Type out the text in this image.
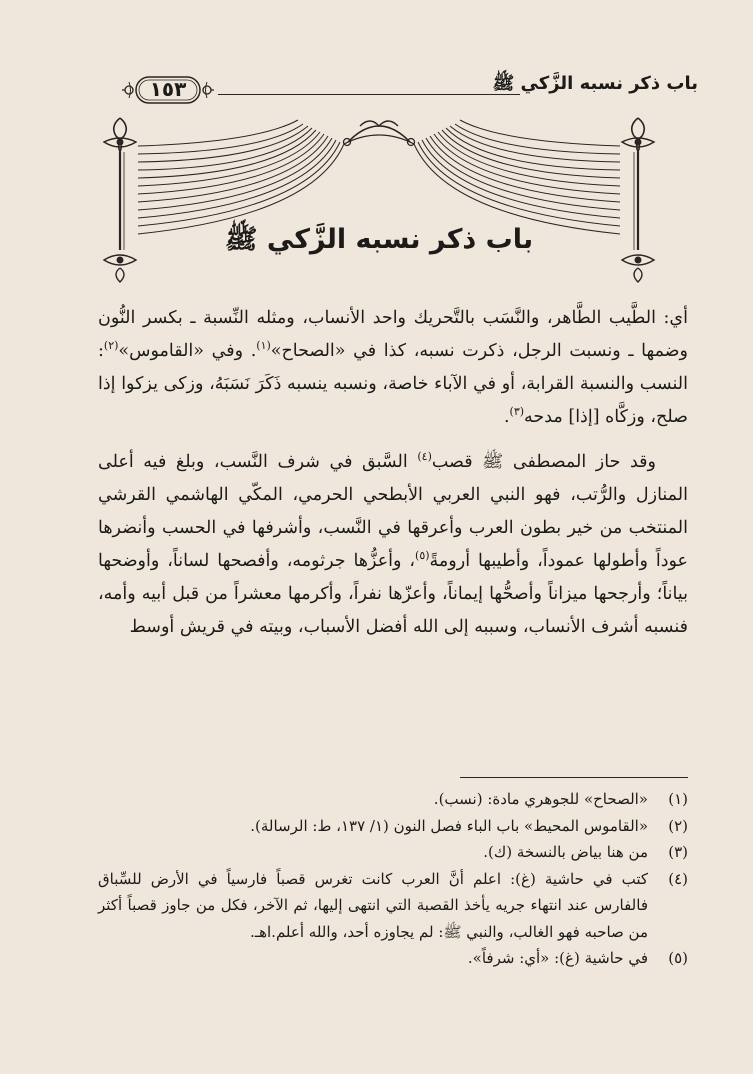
باب ذكر نسبه الزَّكي ﷺ
١٥٣
باب ذكر نسبه الزَّكي ﷺ

أي: الطَّيب الطَّاهر، والنَّسَب بالتَّحريك واحد الأنساب، ومثله النِّسبة ـ بكسر النُّون وضمها ـ ونسبت الرجل، ذكرت نسبه، كذا في «الصحاح»$^{(١)}$. وفي «القاموس»$^{(٢)}$: النسب والنسبة القرابة، أو في الآباء خاصة، ونسبه ينسبه ذَكَرَ نَسَبَهُ، وزكى يزكوا إذا صلح، وزكَّاه [إذا] مدحه$^{(٣)}$.

وقد حاز المصطفى ﷺ قصب$^{(٤)}$ السَّبق في شرف النَّسب، وبلغ فيه أعلى المنازل والرُّتب، فهو النبي العربي الأبطحي الحرمي، المكّي الهاشمي القرشي المنتخب من خير بطون العرب وأعرقها في النَّسب، وأشرفها في الحسب وأنضرها عوداً وأطولها عموداً، وأطيبها أرومةً$^{(٥)}$، وأعزُّها جرثومه، وأفصحها لساناً، وأوضحها بياناً؛ وأرجحها ميزاناً وأصحُّها إيماناً، وأعزّها نفراً، وأكرمها معشراً من قبل أبيه وأمه، فنسبه أشرف الأنساب، وسببه إلى الله أفضل الأسباب، وبيته في قريش أوسط

(١)
«الصحاح» للجوهري مادة: (نسب).
(٢)
«القاموس المحيط» باب الباء فصل النون (١/ ١٣٧، ط: الرسالة).
(٣)
من هنا بياض بالنسخة (ك).
(٤)
كتب في حاشية (غ): اعلم أنَّ العرب كانت تغرس قصباً فارسياً في الأرض للسِّباق فالفارس عند انتهاء جريه يأخذ القصبة التي انتهى إليها، ثم الآخر، فكل من جاوز قصباً أكثر من صاحبه فهو الغالب، والنبي ﷺ: لم يجاوزه أحد، والله أعلم.اهـ.
(٥)
في حاشية (غ): «أي: شرفاً».
